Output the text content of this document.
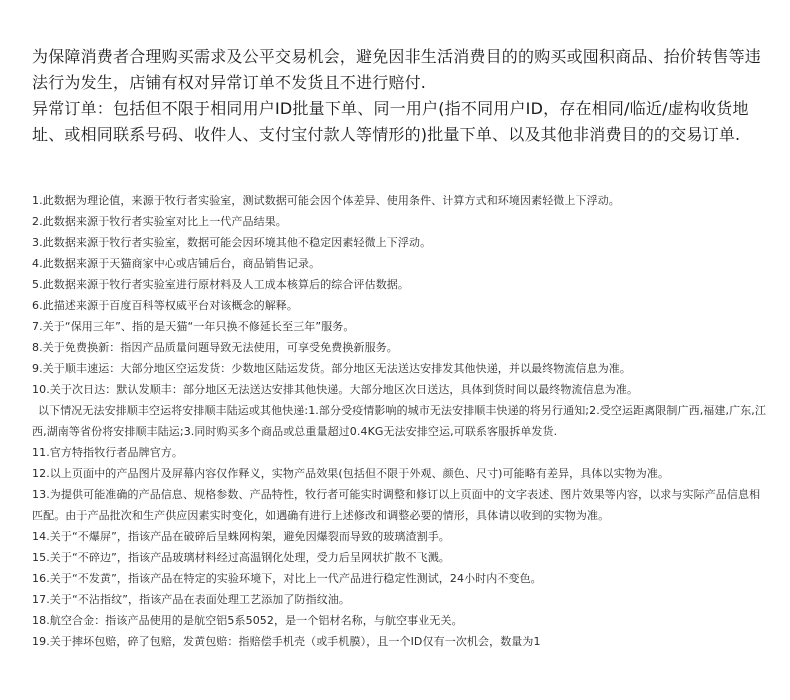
为保障消费者合理购买需求及公平交易机会，避免因非生活消费目的的购买或囤积商品、抬价转售等违法行为发生，店铺有权对异常订单不发货且不进行赔付.

异常订单：包括但不限于相同用户ID批量下单、同一用户(指不同用户ID，存在相同/临近/虚构收货地址、或相同联系号码、收件人、支付宝付款人等情形的)批量下单、以及其他非消费目的的交易订单.

1.此数据为理论值，来源于牧行者实验室，测试数据可能会因个体差异、使用条件、计算方式和环境因素轻微上下浮动。

2.此数据来源于牧行者实验室对比上一代产品结果。

3.此数据来源于牧行者实验室，数据可能会因环境其他不稳定因素轻微上下浮动。

4.此数据来源于天猫商家中心或店铺后台，商品销售记录。

5.此数据来源于牧行者实验室进行原材料及人工成本核算后的综合评估数据。

6.此描述来源于百度百科等权威平台对该概念的解释。

7.关于“保用三年”、指的是天猫“一年只换不修延长至三年”服务。

8.关于免费换新：指因产品质量问题导致无法使用，可享受免费换新服务。

9.关于顺丰速运：大部分地区空运发货：少数地区陆运发货。部分地区无法送达安排发其他快递，并以最终物流信息为准。

10.关于次日达：默认发顺丰：部分地区无法送达安排其他快递。大部分地区次日送达，具体到货时间以最终物流信息为准。

以下情况无法安排顺丰空运将安排顺丰陆运或其他快递:1.部分受疫情影响的城市无法安排顺丰快递的将另行通知;2.受空运距离限制广西,福建,广东,江西,湖南等省份将安排顺丰陆运;3.同时购买多个商品或总重量超过0.4KG无法安排空运,可联系客服拆单发货.

11.官方特指牧行者品牌官方。

12.以上页面中的产品图片及屏幕内容仅作释义，实物产品效果(包括但不限于外观、颜色、尺寸)可能略有差异，具体以实物为准。

13.为提供可能准确的产品信息、规格参数、产品特性，牧行者可能实时调整和修订以上页面中的文字表述、图片效果等内容，以求与实际产品信息相匹配。由于产品批次和生产供应因素实时变化，如遇确有进行上述修改和调整必要的情形，具体请以收到的实物为准。

14.关于“不爆屏”，指该产品在破碎后呈蛛网构架，避免因爆裂而导致的玻璃渣割手。

15.关于“不碎边”，指该产品玻璃材料经过高温钢化处理，受力后呈网状扩散不飞溅。

16.关于“不发黄”，指该产品在特定的实验环境下，对比上一代产品进行稳定性测试，24小时内不变色。

17.关于“不沾指纹”，指该产品在表面处理工艺添加了防指纹油。

18.航空合金：指该产品使用的是航空铝5系5052，是一个铝材名称，与航空事业无关。

19.关于摔坏包赔，碎了包赔，发黄包赔：指赔偿手机壳（或手机膜），且一个ID仅有一次机会，数量为1
